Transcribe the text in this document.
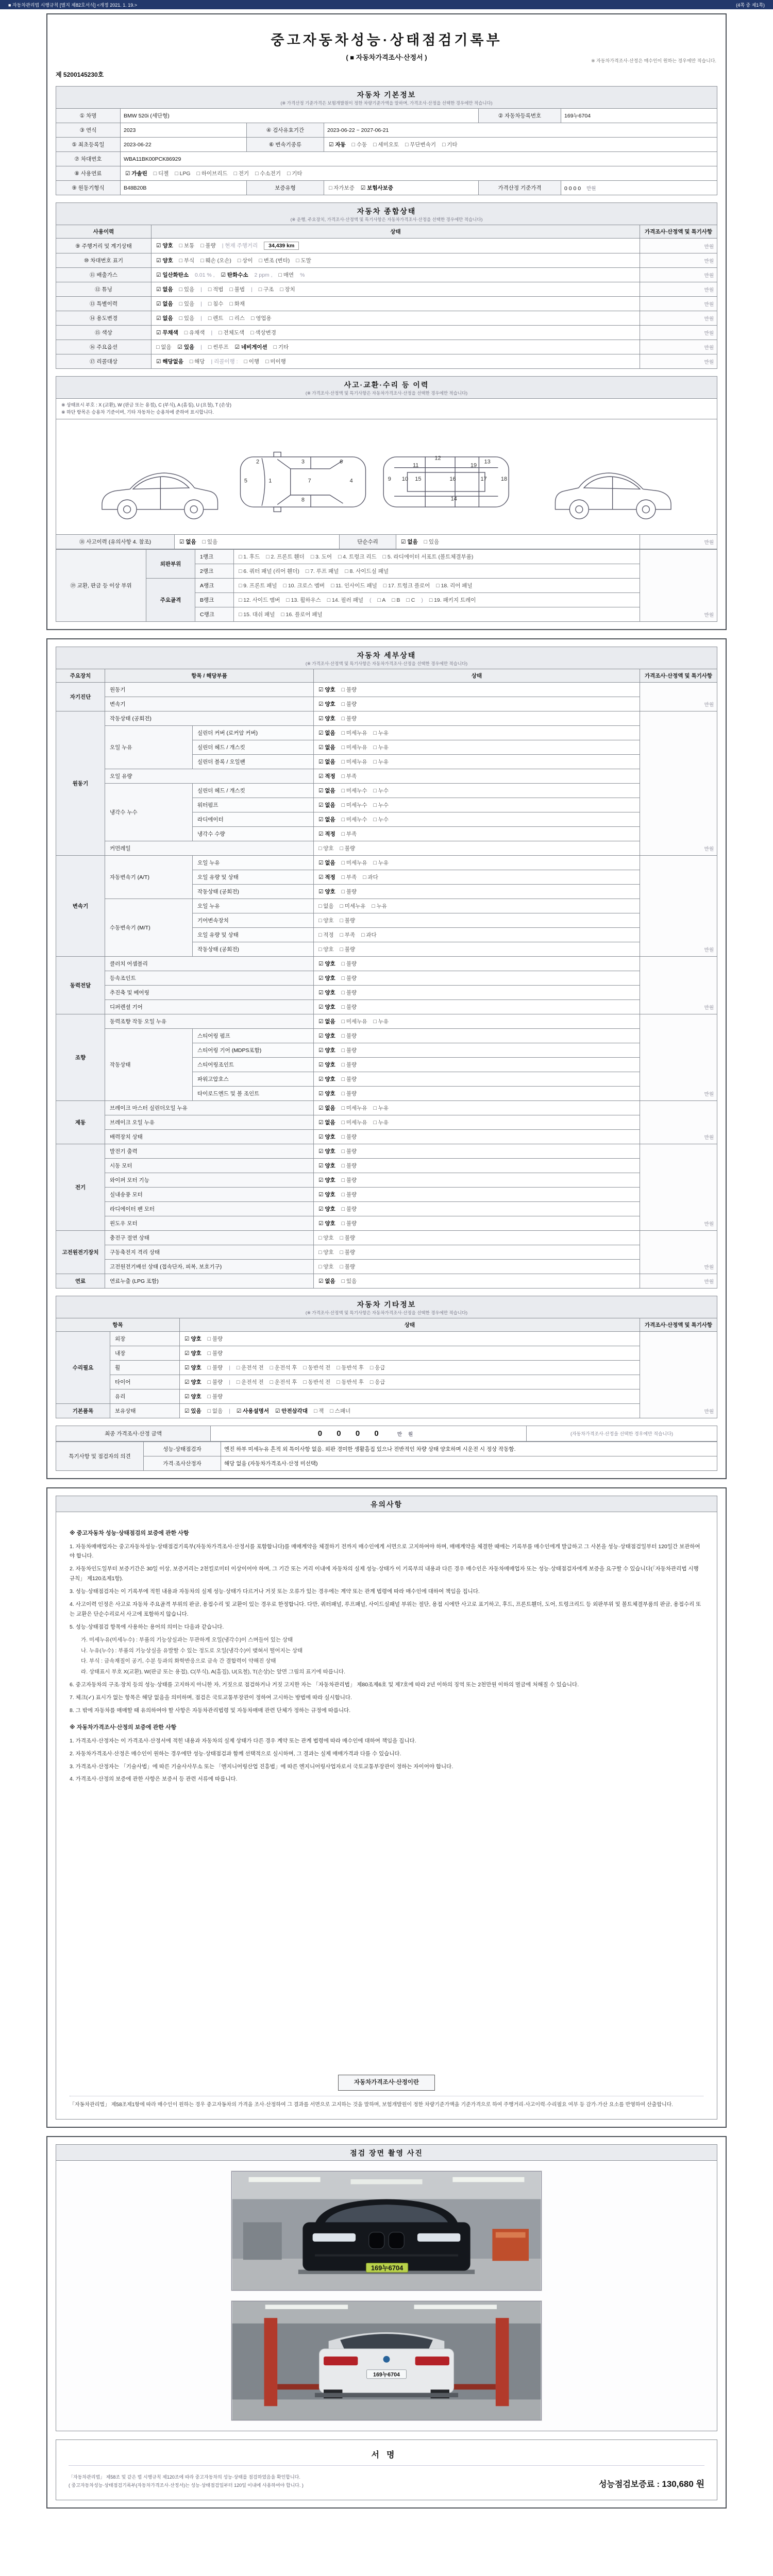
■ 자동차관리법 시행규칙 [별지 제82호서식] <개정 2021. 1. 19.>	(4쪽 중 제1쪽)
중고자동차성능·상태점검기록부
( ■ 자동차가격조사·산정서 )	※ 자동차가격조사·산정은 매수인이 원하는 경우에만 적습니다.
제 5200145230호
자동차 기본정보
(※ 가격산정 기준가격은 보험개발원이 정한 차량기준가액을 말하며, 가격조사·산정을 선택한 경우에만 적습니다)
① 차명	BMW 520i (세단형)			② 자동차등록번호	169누6704
③ 연식	2023	④ 검사유효기간	2023-06-22 ~ 2027-06-21		
⑤ 최초등록일	2023-06-22	⑥ 변속기종류	☑ 자동 □ 수동 □ 세미오토 □ 무단변속기 □ 기타		
⑦ 차대번호	WBA11BK00PCK86929				
⑧ 사용연료	☑ 가솔린 □ 디젤 □ LPG □ 하이브리드 □ 전기 □ 수소전기 □ 기타				
⑨ 원동기형식	B48B20B	보증유형	□ 자가보증 ☑ 보험사보증	가격산정 기준가격	0 0 0 0 만원
자동차 종합상태
(※ 운행, 주요장치, 가격조사·산정액 및 특기사항은 자동차가격조사·산정을 선택한 경우에만 적습니다)
사용이력	상태	가격조사·산정액 및 특기사항
⑨ 주행거리 및 계기상태	☑ 양호 □ 보통 □ 불량 | 현재 주행거리 34,439 km	만원
⑩ 차대번호 표기	☑ 양호 □ 부식 □ 훼손 (오손) □ 상이 □ 변조 (변타) □ 도말	만원
⑪ 배출가스	☑ 일산화탄소 0.01 % , ☑ 탄화수소 2 ppm , □ 매연 %	만원
⑫ 튜닝	☑ 없음 □ 있음 | □ 적법 □ 불법 | □ 구조 □ 장치	만원
⑬ 특별이력	☑ 없음 □ 있음 | □ 침수 □ 화재	만원
⑭ 용도변경	☑ 없음 □ 있음 | □ 렌트 □ 리스 □ 영업용	만원
⑮ 색상	☑ 무채색 □ 유채색 | □ 전체도색 □ 색상변경	만원
⑯ 주요옵션	□ 없음 ☑ 있음 | □ 썬루프 ☑ 네비게이션 □ 기타	만원
⑰ 리콜대상	☑ 해당없음 □ 해당 | 리콜이행 : □ 이행 □ 미이행	만원
사고·교환·수리 등 이력
(※ 가격조사·산정액 및 특기사항은 자동차가격조사·산정을 선택한 경우에만 적습니다)
※ 상태표시 부호 : X (교환), W (판금 또는 용접), C (부식), A (흠집), U (요철), T (손상)
※ 하단 항목은 승용차 기준이며, 기타 자동차는 승용차에 준하여 표시합니다.
1
2	3
4
5
6
7
8
9 10
11
12
13
14
15	16	17	18
19
⑱ 사고이력 (유의사항 4. 참조)	☑ 없음 □ 있음	단순수리	☑ 없음 □ 있음	만원
⑲ 교환, 판금 등 이상 부위	외판부위	1랭크	□ 1. 후드 □ 2. 프론트 휀더 □ 3. 도어 □ 4. 트렁크 리드 □ 5. 라디에이터 서포트 (볼트체결부품)	만원
		2랭크	□ 6. 쿼터 패널 (리어 휀더) □ 7. 루프 패널 □ 8. 사이드실 패널	
	주요골격	A랭크	□ 9. 프론트 패널 □ 10. 크로스 멤버 □ 11. 인사이드 패널 □ 17. 트렁크 플로어 □ 18. 리어 패널	
		B랭크	□ 12. 사이드 멤버 □ 13. 휠하우스 □ 14. 필러 패널 ( □ A □ B □ C ) □ 19. 패키지 트레이	
		C랭크	□ 15. 대쉬 패널 □ 16. 플로어 패널	
자동차 세부상태
(※ 가격조사·산정액 및 특기사항은 자동차가격조사·산정을 선택한 경우에만 적습니다)
주요장치	항목 / 해당부품		상태	가격조사·산정액 및 특기사항
자기진단	원동기		☑ 양호 □ 불량	만원
	변속기		☑ 양호 □ 불량	
원동기	작동상태 (공회전)		☑ 양호 □ 불량	만원
	오일 누유	실린더 커버 (로커암 커버)	☑ 없음 □ 미세누유 □ 누유	
		실린더 헤드 / 개스킷	☑ 없음 □ 미세누유 □ 누유	
		실린더 블록 / 오일팬	☑ 없음 □ 미세누유 □ 누유	
	오일 유량		☑ 적정 □ 부족	
	냉각수 누수	실린더 헤드 / 개스킷	☑ 없음 □ 미세누수 □ 누수	
		워터펌프	☑ 없음 □ 미세누수 □ 누수	
		라디에이터	☑ 없음 □ 미세누수 □ 누수	
		냉각수 수량	☑ 적정 □ 부족	
	커먼레일		□ 양호 □ 불량	
변속기	자동변속기 (A/T)	오일 누유	☑ 없음 □ 미세누유 □ 누유	만원
		오일 유량 및 상태	☑ 적정 □ 부족 □ 과다	
		작동상태 (공회전)	☑ 양호 □ 불량	
	수동변속기 (M/T)	오일 누유	□ 없음 □ 미세누유 □ 누유	
		기어변속장치	□ 양호 □ 불량	
		오일 유량 및 상태	□ 적정 □ 부족 □ 과다	
		작동상태 (공회전)	□ 양호 □ 불량	
동력전달	클러치 어셈블리		☑ 양호 □ 불량	만원
	등속조인트		☑ 양호 □ 불량	
	추진축 및 베어링		☑ 양호 □ 불량	
	디퍼렌셜 기어		☑ 양호 □ 불량	
조향	동력조향 작동 오일 누유		☑ 없음 □ 미세누유 □ 누유	만원
	작동상태	스티어링 펌프	☑ 양호 □ 불량	
		스티어링 기어 (MDPS포함)	☑ 양호 □ 불량	
		스티어링조인트	☑ 양호 □ 불량	
		파워고압호스	☑ 양호 □ 불량	
		타이로드엔드 및 볼 조인트	☑ 양호 □ 불량	
제동	브레이크 마스터 실린더오일 누유		☑ 없음 □ 미세누유 □ 누유	만원
	브레이크 오일 누유		☑ 없음 □ 미세누유 □ 누유	
	배력장치 상태		☑ 양호 □ 불량	
전기	발전기 출력		☑ 양호 □ 불량	만원
	시동 모터		☑ 양호 □ 불량	
	와이퍼 모터 기능		☑ 양호 □ 불량	
	실내송풍 모터		☑ 양호 □ 불량	
	라디에이터 팬 모터		☑ 양호 □ 불량	
	윈도우 모터		☑ 양호 □ 불량	
고전원전기장치	충전구 절연 상태		□ 양호 □ 불량	만원
	구동축전지 격리 상태		□ 양호 □ 불량	
	고전원전기배선 상태 (접속단자, 피복, 보호기구)		□ 양호 □ 불량	
연료	연료누출 (LPG 포함)		☑ 없음 □ 있음	만원
자동차 기타정보
(※ 가격조사·산정액 및 특기사항은 자동차가격조사·산정을 선택한 경우에만 적습니다)
항목		상태	가격조사·산정액 및 특기사항
수리필요	외장	☑ 양호 □ 불량	만원
	내장	☑ 양호 □ 불량	
	휠	☑ 양호 □ 불량 | □ 운전석 전 □ 운전석 후 □ 동반석 전 □ 동반석 후 □ 응급	
	타이어	☑ 양호 □ 불량 | □ 운전석 전 □ 운전석 후 □ 동반석 전 □ 동반석 후 □ 응급	
	유리	☑ 양호 □ 불량	
기본품목	보유상태	☑ 있음 □ 없음 | ☑ 사용설명서 ☑ 안전삼각대 □ 잭 □ 스패너	
최종 가격조사·산정 금액	0 0 0 0	만원	(자동차가격조사·산정을 선택한 경우에만 적습니다)
특기사항 및 점검자의 의견	성능·상태점검자	엔진 하부 미세누유 흔적 외 특이사항 없음. 외판 경미한 생활흠집 있으나 전반적인 차량 상태 양호하며 시운전 시 정상 작동함.
	가격·조사산정자	해당 없음 (자동차가격조사·산정 미선택)
유의사항
※ 중고자동차 성능·상태점검의 보증에 관한 사항
1. 자동차매매업자는 중고자동차성능·상태점검기록부(자동차가격조사·산정서를 포함합니다)를 매매계약을 체결하기 전까지 매수인에게 서면으로 고지하여야 하며, 매매계약을 체결한 때에는 기록부를 매수인에게 발급하고 그 사본을 성능·상태점검일부터 120일간 보관하여야 합니다.
2. 자동차인도일부터 보증기간은 30일 이상, 보증거리는 2천킬로미터 이상이어야 하며, 그 기간 또는 거리 이내에 자동차의 실제 성능·상태가 이 기록부의 내용과 다른 경우 매수인은 자동차매매업자 또는 성능·상태점검자에게 보증을 요구할 수 있습니다(「자동차관리법 시행규칙」 제120조제1항).
3. 성능·상태점검자는 이 기록부에 적힌 내용과 자동차의 실제 성능·상태가 다르거나 거짓 또는 오류가 있는 경우에는 계약 또는 관계 법령에 따라 매수인에 대하여 책임을 집니다.
4. 사고이력 인정은 사고로 자동차 주요골격 부위의 판금, 용접수리 및 교환이 있는 경우로 한정합니다. 다만, 쿼터패널, 루프패널, 사이드실패널 부위는 절단, 용접 시에만 사고로 표기하고, 후드, 프론트휀더, 도어, 트렁크리드 등 외판부위 및 볼트체결부품의 판금, 용접수리 또는 교환은 단순수리로서 사고에 포함하지 않습니다.
5. 성능·상태점검 항목에 사용하는 용어의 의미는 다음과 같습니다.
가. 미세누유(미세누수) : 부품의 기능상실과는 무관하게 오일(냉각수)이 스며들어 있는 상태
나. 누유(누수) : 부품의 기능상실을 유발할 수 있는 정도로 오일(냉각수)이 맺혀서 떨어지는 상태
다. 부식 : 금속재질이 공기, 수분 등과의 화학반응으로 금속 간 결합력이 약해진 상태
라. 상태표시 부호 X(교환), W(판금 또는 용접), C(부식), A(흠집), U(요철), T(손상)는 앞면 그림의 표기에 따릅니다.
6. 중고자동차의 구조·장치 등의 성능·상태를 고지하지 아니한 자, 거짓으로 점검하거나 거짓 고지한 자는 「자동차관리법」 제80조제6호 및 제7호에 따라 2년 이하의 징역 또는 2천만원 이하의 벌금에 처해질 수 있습니다.
7. 체크(✓) 표시가 없는 항목은 해당 없음을 의미하며, 점검은 국토교통부장관이 정하여 고시하는 방법에 따라 실시합니다.
8. 그 밖에 자동차를 매매할 때 유의하여야 할 사항은 자동차관리법령 및 자동차매매 관련 단체가 정하는 규정에 따릅니다.
※ 자동차가격조사·산정의 보증에 관한 사항
1. 가격조사·산정자는 이 가격조사·산정서에 적힌 내용과 자동차의 실제 상태가 다른 경우 계약 또는 관계 법령에 따라 매수인에 대하여 책임을 집니다.
2. 자동차가격조사·산정은 매수인이 원하는 경우에만 성능·상태점검과 함께 선택적으로 실시하며, 그 결과는 실제 매매가격과 다를 수 있습니다.
3. 가격조사·산정자는 「기술사법」에 따른 기술사사무소 또는 「엔지니어링산업 진흥법」에 따른 엔지니어링사업자로서 국토교통부장관이 정하는 자이어야 합니다.
4. 가격조사·산정의 보증에 관한 사항은 보증서 등 관련 서류에 따릅니다.
자동차가격조사·산정이란
「자동차관리법」 제58조제1항에 따라 매수인이 원하는 경우 중고자동차의 가격을 조사·산정하여 그 결과를 서면으로 고지하는 것을 말하며, 보험개발원이 정한 차량기준가액을 기준가격으로 하여 주행거리·사고이력·수리필요 여부 등 감가·가산 요소를 반영하여 산출합니다.
점검 장면 촬영 사진
169누6704
169누6704
서명
「자동차관리법」 제58조 및 같은 법 시행규칙 제120조에 따라 중고자동차의 성능·상태를 점검하였음을 확인합니다.
( 중고자동차성능·상태점검기록부(자동차가격조사·산정서)는 성능·상태점검일부터 120일 이내에 사용하여야 합니다. )	성능점검보증료 : 130,680 원
